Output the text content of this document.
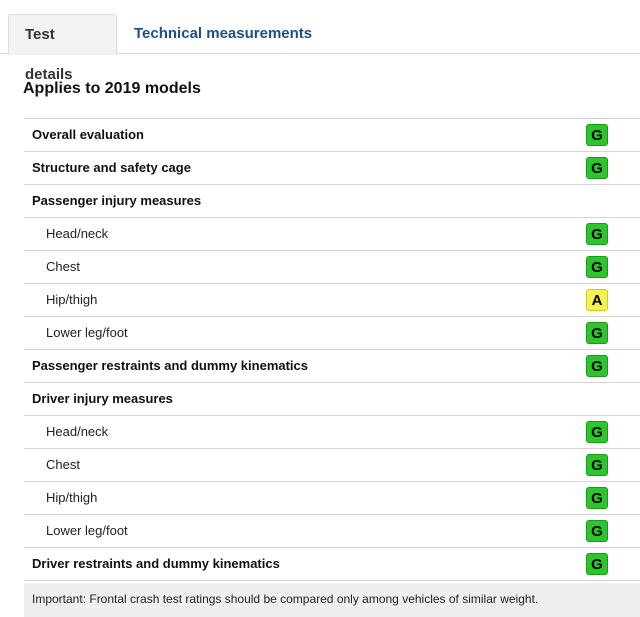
Test details
Technical measurements
Applies to 2019 models
Overall evaluation	G
Structure and safety cage	G
Passenger injury measures
Head/neck	G
Chest	G
Hip/thigh	A
Lower leg/foot	G
Passenger restraints and dummy kinematics	G
Driver injury measures
Head/neck	G
Chest	G
Hip/thigh	G
Lower leg/foot	G
Driver restraints and dummy kinematics	G
Important: Frontal crash test ratings should be compared only among vehicles of similar weight.
